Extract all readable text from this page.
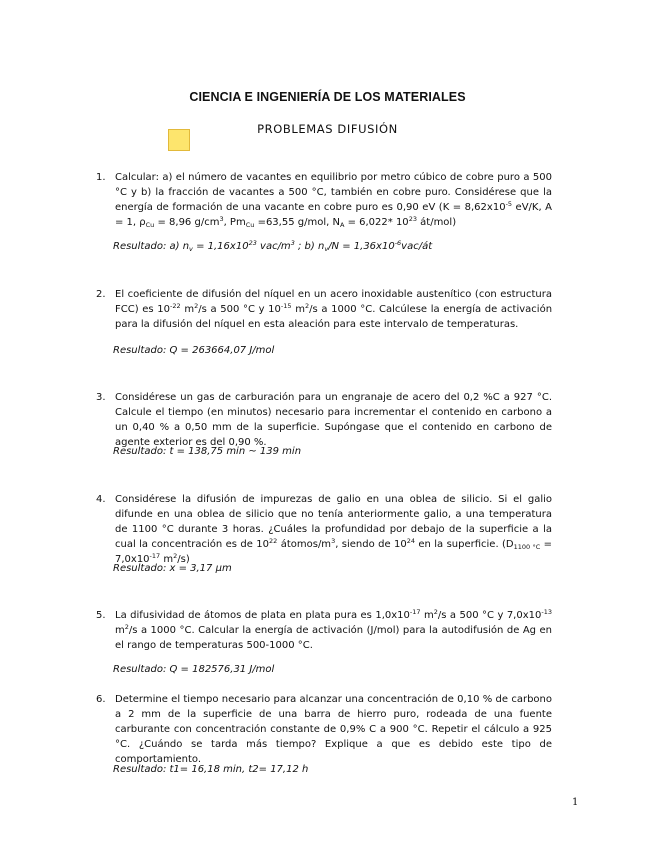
CIENCIA E INGENIERÍA DE LOS MATERIALES
PROBLEMAS DIFUSIÓN
1. Calcular: a) el número de vacantes en equilibrio por metro cúbico de cobre puro a 500 °C y b) la fracción de vacantes a 500 °C, también en cobre puro. Considérese que la energía de formación de una vacante en cobre puro es 0,90 eV ($K = 8,62x10^{-5}$ eV/K, A = 1, $\rho_{Cu} = 8,96$ $g/cm^3$, $Pm_{Cu} =63,55$ g/mol, $N_A = 6,022*$ $10^{23}$ át/mol)
Resultado: a) $n_v = 1,16x10^{23}$ vac/$m^3$ ; b) $n_v/N$ = $1,36x10^{-6}vac/át$
2. El coeficiente de difusión del níquel en un acero inoxidable austenítico (con estructura FCC) es $10^{-22}$ $m^2/s$ a 500 °C y $10^{-15}$ $m^2/s$ a 1000 °C. Calcúlese la energía de activación para la difusión del níquel en esta aleación para este intervalo de temperaturas.
Resultado: Q = 263664,07 J/mol
3. Considérese un gas de carburación para un engranaje de acero del 0,2 %C a 927 °C. Calcule el tiempo (en minutos) necesario para incrementar el contenido en carbono a un 0,40 % a 0,50 mm de la superficie. Supóngase que el contenido en carbono de agente exterior es del 0,90 %.
Resultado: t = 138,75 min ~ 139 min
4. Considérese la difusión de impurezas de galio en una oblea de silicio. Si el galio difunde en una oblea de silicio que no tenía anteriormente galio, a una temperatura de 1100 °C durante 3 horas. ¿Cuáles la profundidad por debajo de la superficie a la cual la concentración es de $10^{22}$ átomos/$m^3$, siendo de $10^{24}$ en la superficie. ($D_{1100 ^\circ C} = 7,0x10^{-17}$ $m^2/s$)
Resultado: x = 3,17 µm
5. La difusividad de átomos de plata en plata pura es $1,0x10^{-17}$ $m^2/s$ a 500 °C y $7,0x10^{-13}$ $m^2/s$ a 1000 °C. Calcular la energía de activación (J/mol) para la autodifusión de Ag en el rango de temperaturas 500-1000 °C.
Resultado: Q = 182576,31 J/mol
6. Determine el tiempo necesario para alcanzar una concentración de 0,10 % de carbono a 2 mm de la superficie de una barra de hierro puro, rodeada de una fuente carburante con concentración constante de 0,9% C a 900 °C. Repetir el cálculo a 925 °C. ¿Cuándo se tarda más tiempo? Explique a que es debido este tipo de comportamiento.
Resultado: t1= 16,18 min, t2= 17,12 h
1
